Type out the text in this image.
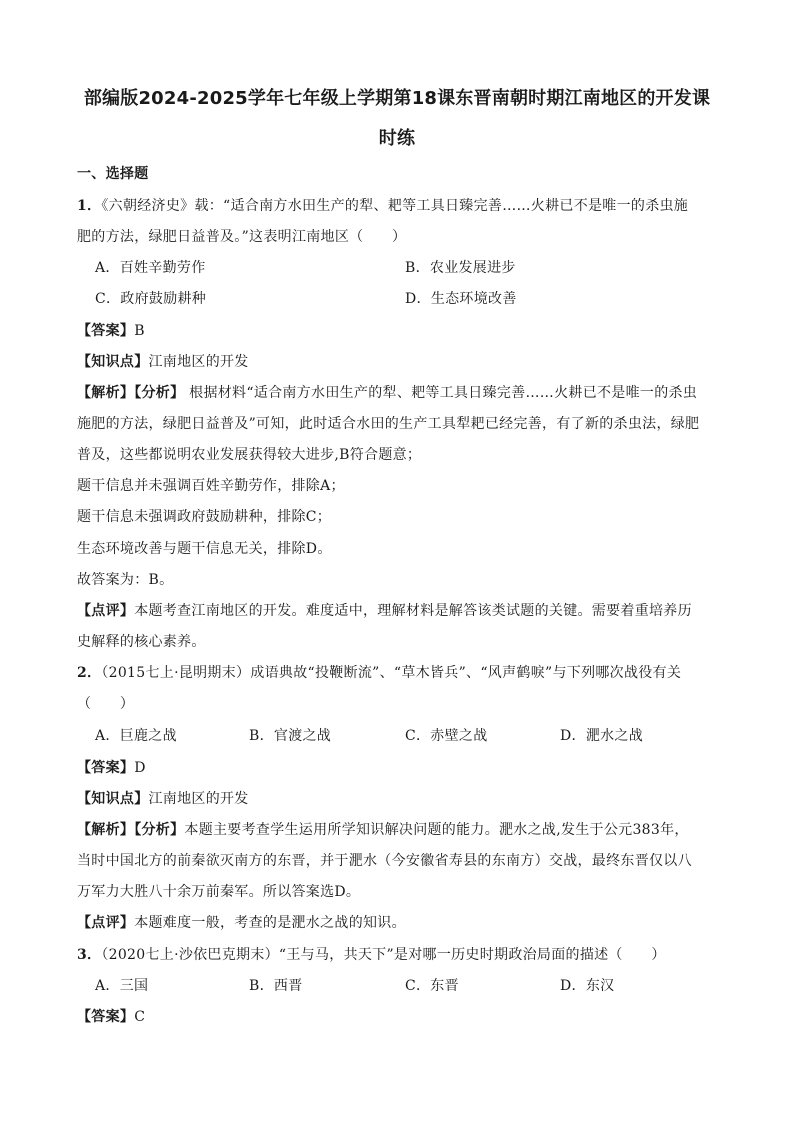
部编版2024-2025学年七年级上学期第18课东晋南朝时期江南地区的开发课
时练
一、选择题
1．《六朝经济史》载：“适合南方水田生产的犁、耙等工具日臻完善……火耕已不是唯一的杀虫施
肥的方法，绿肥日益普及。”这表明江南地区（　　）
A．百姓辛勤劳作	B．农业发展进步
C．政府鼓励耕种	D．生态环境改善
【答案】B
【知识点】江南地区的开发
【解析】【分析】 根据材料“适合南方水田生产的犁、耙等工具日臻完善……火耕已不是唯一的杀虫
施肥的方法，绿肥日益普及”可知，此时适合水田的生产工具犁耙已经完善，有了新的杀虫法，绿肥
普及，这些都说明农业发展获得较大进步,B符合题意；
题干信息并未强调百姓辛勤劳作，排除A；
题干信息未强调政府鼓励耕种，排除C；
生态环境改善与题干信息无关，排除D。
故答案为：B。
【点评】本题考查江南地区的开发。难度适中，理解材料是解答该类试题的关键。需要着重培养历
史解释的核心素养。
2．（2015七上·昆明期末）成语典故“投鞭断流”、“草木皆兵”、“风声鹤唳”与下列哪次战役有关
（　　）
A．巨鹿之战	B．官渡之战	C．赤壁之战	D．淝水之战
【答案】D
【知识点】江南地区的开发
【解析】【分析】本题主要考查学生运用所学知识解决问题的能力。淝水之战,发生于公元383年，
当时中国北方的前秦欲灭南方的东晋，并于淝水（今安徽省寿县的东南方）交战，最终东晋仅以八
万军力大胜八十余万前秦军。所以答案选D。
【点评】本题难度一般，考查的是淝水之战的知识。
3．（2020七上·沙依巴克期末）“王与马，共天下”是对哪一历史时期政治局面的描述（　　）
A．三国	B．西晋	C．东晋	D．东汉
【答案】C
